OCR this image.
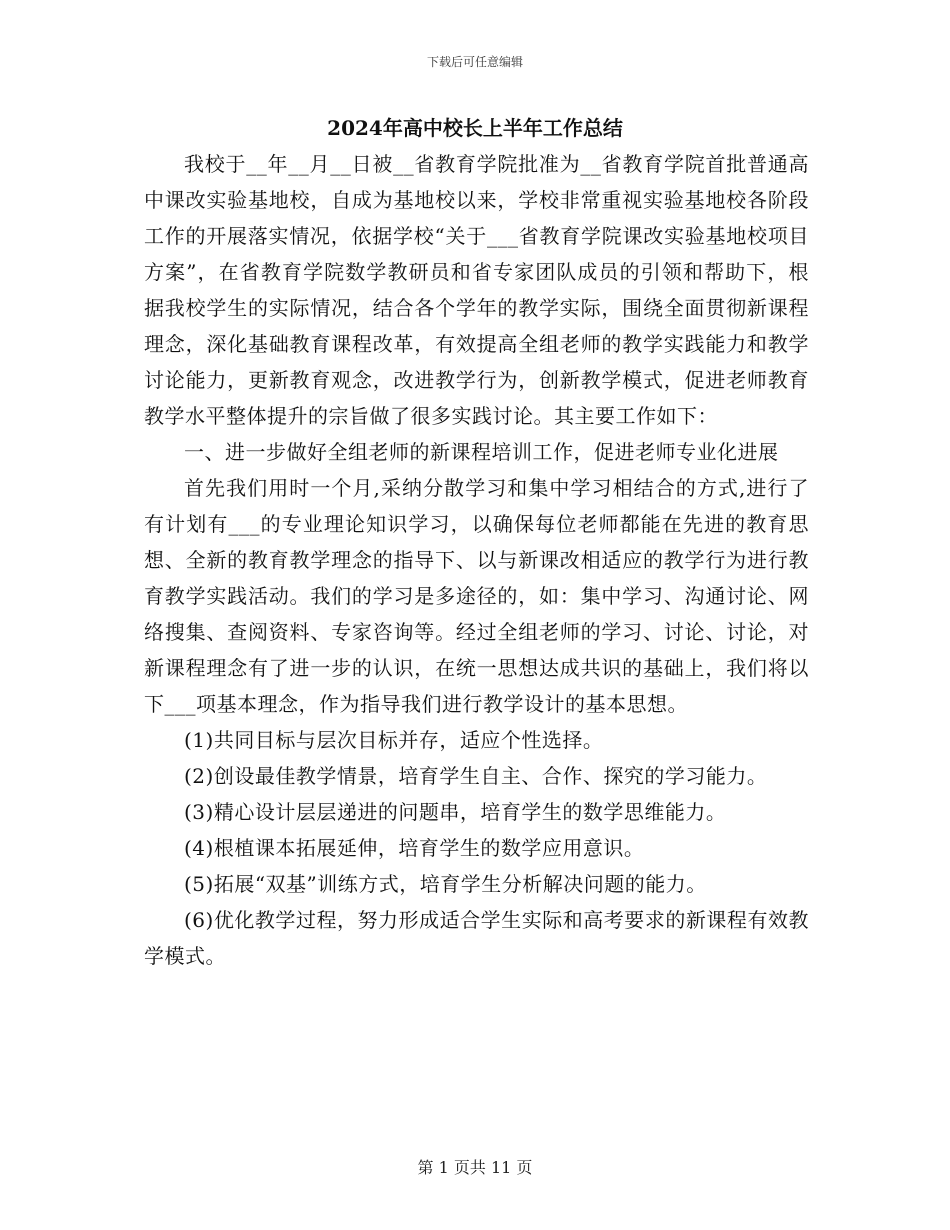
下载后可任意编辑
2024年高中校长上半年工作总结

我校于__年__月__日被__省教育学院批准为__省教育学院首批普通高中课改实验基地校，自成为基地校以来，学校非常重视实验基地校各阶段工作的开展落实情况，依据学校“关于___省教育学院课改实验基地校项目方案”，在省教育学院数学教研员和省专家团队成员的引领和帮助下，根据我校学生的实际情况，结合各个学年的教学实际，围绕全面贯彻新课程理念，深化基础教育课程改革，有效提高全组老师的教学实践能力和教学讨论能力，更新教育观念，改进教学行为，创新教学模式，促进老师教育教学水平整体提升的宗旨做了很多实践讨论。其主要工作如下：

一、进一步做好全组老师的新课程培训工作，促进老师专业化进展

首先我们用时一个月,采纳分散学习和集中学习相结合的方式,进行了有计划有___的专业理论知识学习，以确保每位老师都能在先进的教育思想、全新的教育教学理念的指导下、以与新课改相适应的教学行为进行教育教学实践活动。我们的学习是多途径的，如：集中学习、沟通讨论、网络搜集、查阅资料、专家咨询等。经过全组老师的学习、讨论、讨论，对新课程理念有了进一步的认识，在统一思想达成共识的基础上，我们将以下___项基本理念，作为指导我们进行教学设计的基本思想。

(1)共同目标与层次目标并存，适应个性选择。

(2)创设最佳教学情景，培育学生自主、合作、探究的学习能力。

(3)精心设计层层递进的问题串，培育学生的数学思维能力。

(4)根植课本拓展延伸，培育学生的数学应用意识。

(5)拓展“双基”训练方式，培育学生分析解决问题的能力。

(6)优化教学过程，努力形成适合学生实际和高考要求的新课程有效教学模式。

第 1 页共 11 页
